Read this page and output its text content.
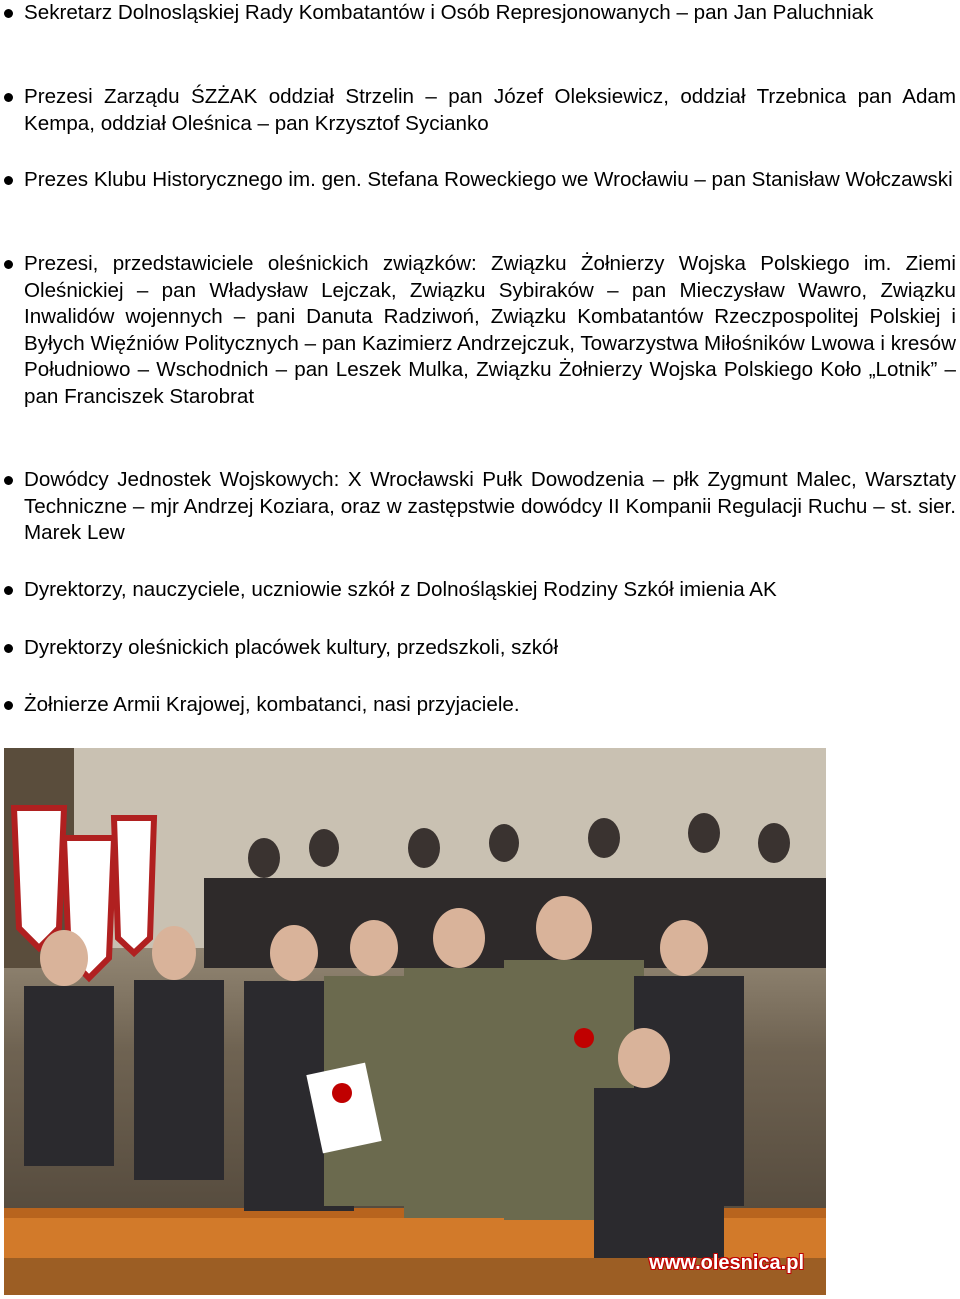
Sekretarz Dolnosląskiej Rady Kombatantów i Osób Represjonowanych – pan Jan Paluchniak
Prezesi Zarządu ŚZŻAK oddział Strzelin – pan Józef Oleksiewicz, oddział Trzebnica pan Adam Kempa, oddział Oleśnica – pan Krzysztof Sycianko
Prezes Klubu Historycznego im. gen. Stefana Roweckiego we Wrocławiu – pan Stanisław Wołczawski
Prezesi, przedstawiciele oleśnickich związków: Związku Żołnierzy Wojska Polskiego im. Ziemi Oleśnickiej – pan Władysław Lejczak, Związku Sybiraków – pan Mieczysław Wawro, Związku Inwalidów wojennych – pani Danuta Radziwoń, Związku Kombatantów Rzeczpospolitej Polskiej i Byłych Więźniów Politycznych – pan Kazimierz Andrzejczuk, Towarzystwa Miłośników Lwowa i kresów Południowo – Wschodnich – pan Leszek Mulka, Związku Żołnierzy Wojska Polskiego Koło „Lotnik” – pan Franciszek Starobrat
Dowódcy Jednostek Wojskowych: X Wrocławski Pułk Dowodzenia – płk Zygmunt Malec, Warsztaty Techniczne – mjr Andrzej Koziara, oraz w zastępstwie dowódcy II Kompanii Regulacji Ruchu – st. sier. Marek Lew
Dyrektorzy, nauczyciele, uczniowie szkół z Dolnośląskiej Rodziny Szkół imienia AK
Dyrektorzy oleśnickich placówek kultury, przedszkoli, szkół
Żołnierze Armii Krajowej, kombatanci, nasi przyjaciele.
www.olesnica.pl
